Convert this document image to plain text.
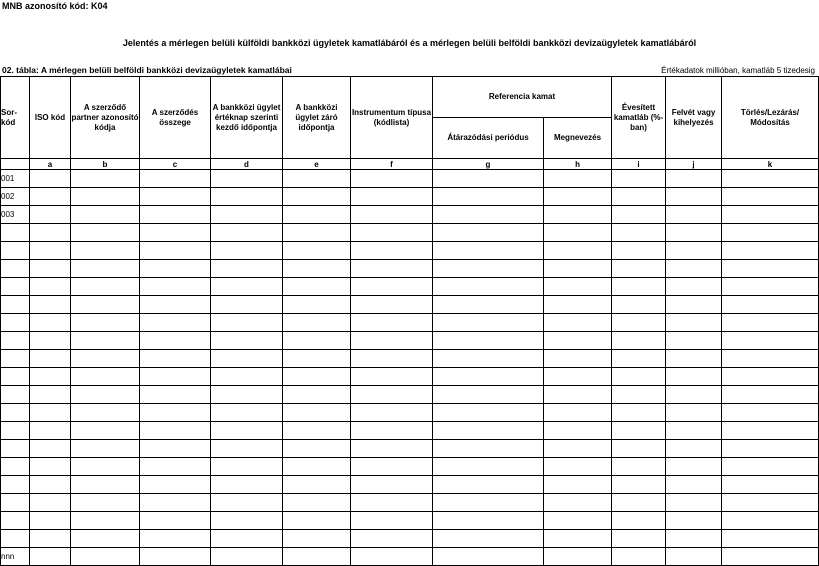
MNB azonosító kód: K04
Jelentés a mérlegen belüli külföldi bankközi ügyletek kamatlábáról és a mérlegen belüli belföldi bankközi devizaügyletek kamatlábáról
02. tábla: A mérlegen belüli belföldi bankközi devizaügyletek kamatlábai	Értékadatok millióban, kamatláb 5 tizedesig
Sor-kód	ISO kód	A szerződő partner azonosító kódja	A szerződés összege	A bankközi ügylet értéknap szerinti kezdő időpontja	A bankközi ügylet záró időpontja	Instrumentum típusa (kódlista)	Referencia kamat		Évesített kamatláb (%-ban)	Felvét vagy kihelyezés	Törlés/Lezárás/ Módosítás
							Átárazódási periódus	Megnevezés			
	a	b	c	d	e	f	g	h	i	j	k
001											
002											
003											

nnn											
